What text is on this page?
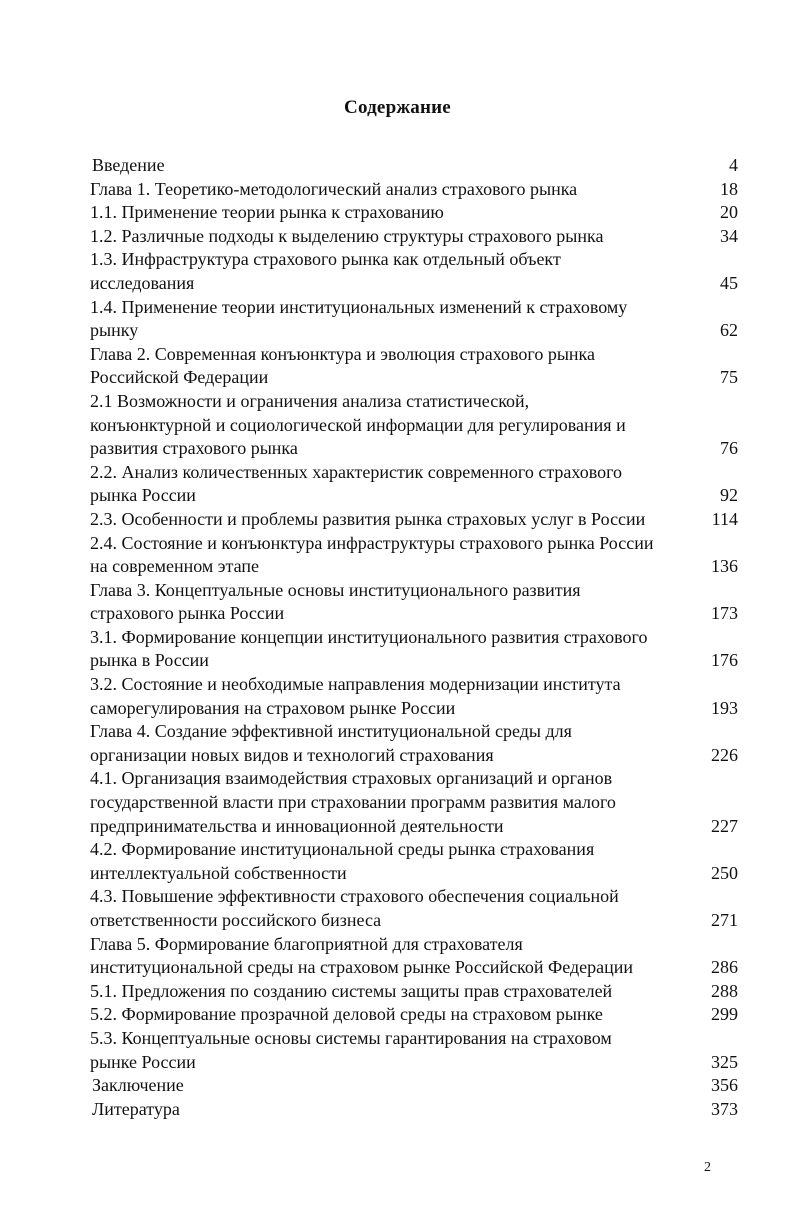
Содержание
Введение	4
Глава 1. Теоретико-методологический анализ страхового рынка	18
1.1. Применение теории рынка к страхованию	20
1.2. Различные подходы к выделению структуры страхового рынка	34
1.3. Инфраструктура страхового рынка как отдельный объект
исследования	45
1.4. Применение теории институциональных изменений к страховому
рынку	62
Глава 2. Современная конъюнктура и эволюция страхового рынка
Российской Федерации	75
2.1 Возможности и ограничения анализа статистической,
конъюнктурной и социологической информации для регулирования и
развития страхового рынка	76
2.2. Анализ количественных характеристик современного страхового
рынка России	92
2.3. Особенности и проблемы развития рынка страховых услуг в России	114
2.4. Состояние и конъюнктура инфраструктуры страхового рынка России
на современном этапе	136
Глава 3. Концептуальные основы институционального развития
страхового рынка России	173
3.1. Формирование концепции институционального развития страхового
рынка в России	176
3.2. Состояние и необходимые направления модернизации института
саморегулирования на страховом рынке России	193
Глава 4. Создание эффективной институциональной среды для
организации новых видов и технологий страхования	226
4.1. Организация взаимодействия страховых организаций и органов
государственной власти при страховании программ развития малого
предпринимательства и инновационной деятельности	227
4.2. Формирование институциональной среды рынка страхования
интеллектуальной собственности	250
4.3. Повышение эффективности страхового обеспечения социальной
ответственности российского бизнеса	271
Глава 5. Формирование благоприятной для страхователя
институциональной среды на страховом рынке Российской Федерации	286
5.1. Предложения по созданию системы защиты прав страхователей	288
5.2. Формирование прозрачной деловой среды на страховом рынке	299
5.3. Концептуальные основы системы гарантирования на страховом
рынке России	325
Заключение	356
Литература	373
2
